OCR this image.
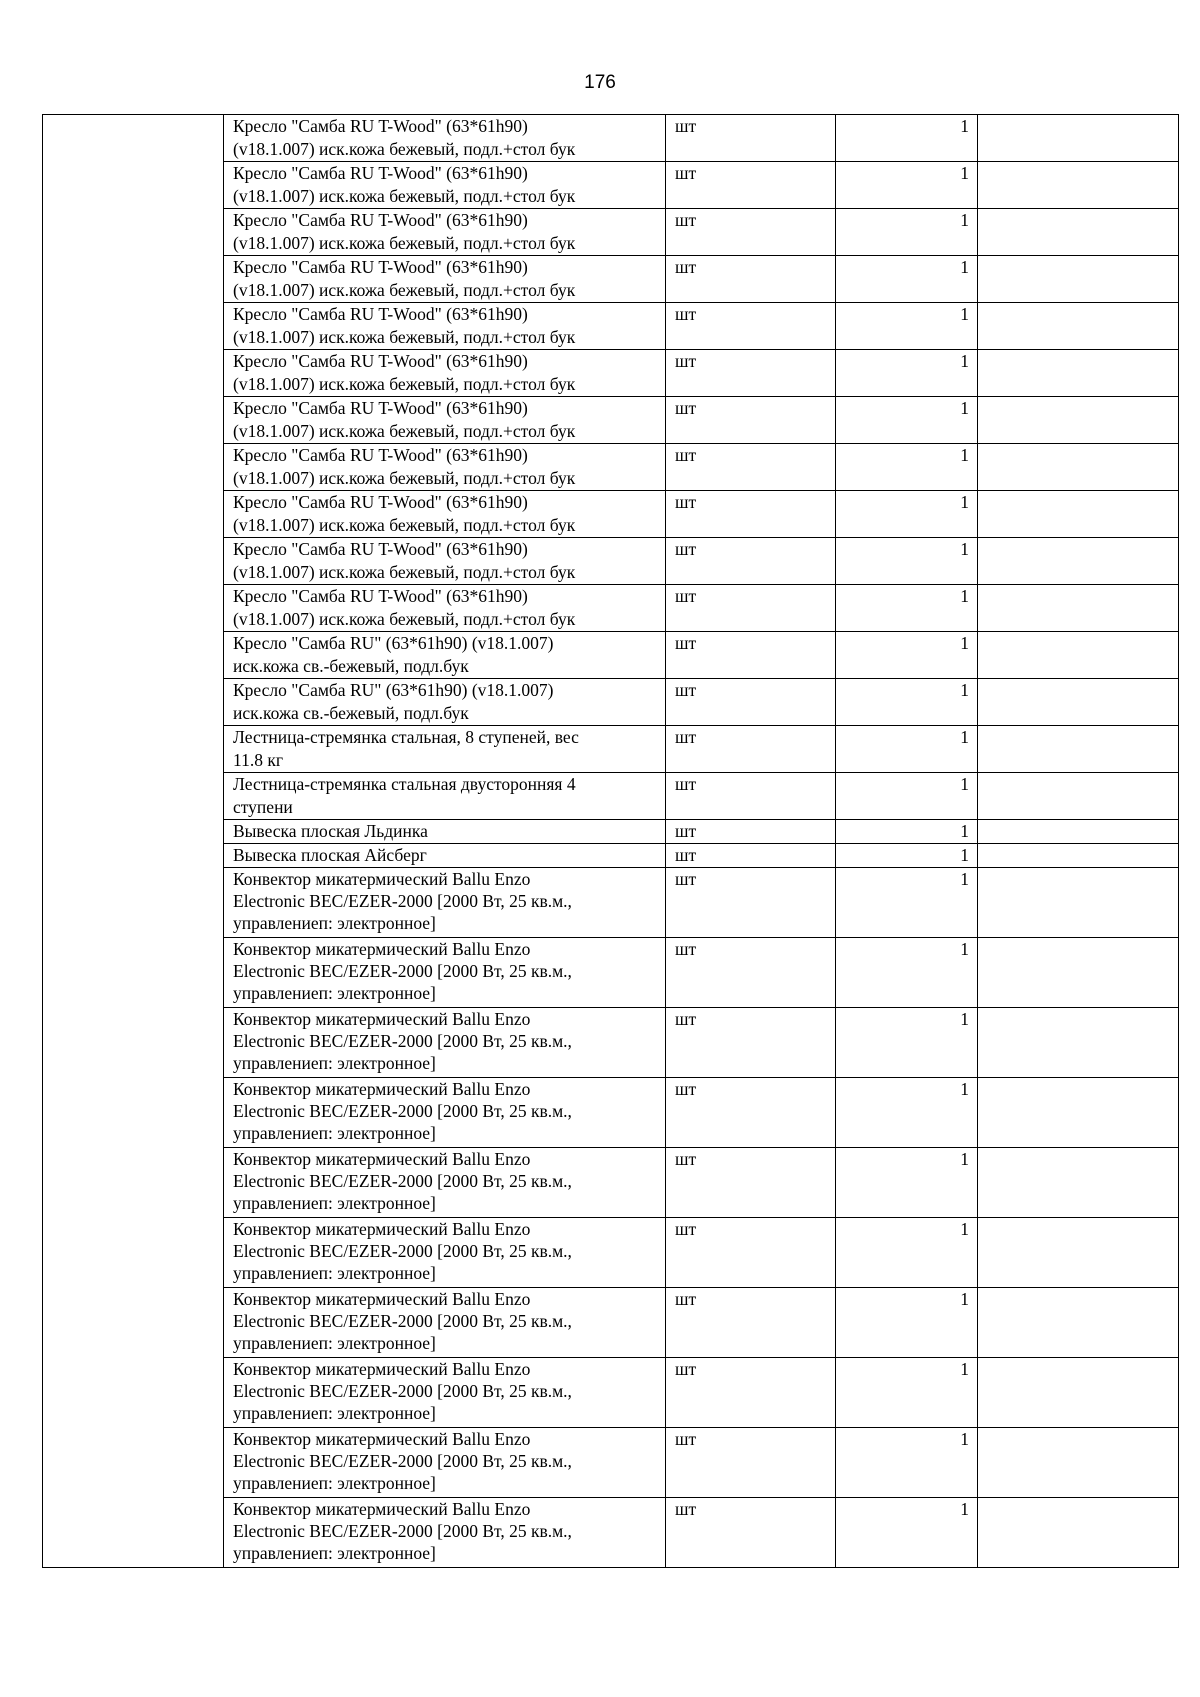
176
	Кресло "Самба RU T-Wood" (63*61h90)
(v18.1.007) иск.кожа бежевый, подл.+стол бук	шт	1	
	Кресло "Самба RU T-Wood" (63*61h90)
(v18.1.007) иск.кожа бежевый, подл.+стол бук	шт	1	
	Кресло "Самба RU T-Wood" (63*61h90)
(v18.1.007) иск.кожа бежевый, подл.+стол бук	шт	1	
	Кресло "Самба RU T-Wood" (63*61h90)
(v18.1.007) иск.кожа бежевый, подл.+стол бук	шт	1	
	Кресло "Самба RU T-Wood" (63*61h90)
(v18.1.007) иск.кожа бежевый, подл.+стол бук	шт	1	
	Кресло "Самба RU T-Wood" (63*61h90)
(v18.1.007) иск.кожа бежевый, подл.+стол бук	шт	1	
	Кресло "Самба RU T-Wood" (63*61h90)
(v18.1.007) иск.кожа бежевый, подл.+стол бук	шт	1	
	Кресло "Самба RU T-Wood" (63*61h90)
(v18.1.007) иск.кожа бежевый, подл.+стол бук	шт	1	
	Кресло "Самба RU T-Wood" (63*61h90)
(v18.1.007) иск.кожа бежевый, подл.+стол бук	шт	1	
	Кресло "Самба RU T-Wood" (63*61h90)
(v18.1.007) иск.кожа бежевый, подл.+стол бук	шт	1	
	Кресло "Самба RU T-Wood" (63*61h90)
(v18.1.007) иск.кожа бежевый, подл.+стол бук	шт	1	
	Кресло "Самба RU" (63*61h90) (v18.1.007)
иск.кожа св.-бежевый, подл.бук	шт	1	
	Кресло "Самба RU" (63*61h90) (v18.1.007)
иск.кожа св.-бежевый, подл.бук	шт	1	
	Лестница-стремянка стальная, 8 ступеней, вес
11.8 кг	шт	1	
	Лестница-стремянка стальная двусторонняя 4
ступени	шт	1	
	Вывеска плоская Льдинка	шт	1	
	Вывеска плоская Айсберг	шт	1	
	Конвектор микатермический Ballu Enzo
Electronic BEC/EZER-2000 [2000 Вт, 25 кв.м.,
управлениеп: электронное]	шт	1	
	Конвектор микатермический Ballu Enzo
Electronic BEC/EZER-2000 [2000 Вт, 25 кв.м.,
управлениеп: электронное]	шт	1	
	Конвектор микатермический Ballu Enzo
Electronic BEC/EZER-2000 [2000 Вт, 25 кв.м.,
управлениеп: электронное]	шт	1	
	Конвектор микатермический Ballu Enzo
Electronic BEC/EZER-2000 [2000 Вт, 25 кв.м.,
управлениеп: электронное]	шт	1	
	Конвектор микатермический Ballu Enzo
Electronic BEC/EZER-2000 [2000 Вт, 25 кв.м.,
управлениеп: электронное]	шт	1	
	Конвектор микатермический Ballu Enzo
Electronic BEC/EZER-2000 [2000 Вт, 25 кв.м.,
управлениеп: электронное]	шт	1	
	Конвектор микатермический Ballu Enzo
Electronic BEC/EZER-2000 [2000 Вт, 25 кв.м.,
управлениеп: электронное]	шт	1	
	Конвектор микатермический Ballu Enzo
Electronic BEC/EZER-2000 [2000 Вт, 25 кв.м.,
управлениеп: электронное]	шт	1	
	Конвектор микатермический Ballu Enzo
Electronic BEC/EZER-2000 [2000 Вт, 25 кв.м.,
управлениеп: электронное]	шт	1	
	Конвектор микатермический Ballu Enzo
Electronic BEC/EZER-2000 [2000 Вт, 25 кв.м.,
управлениеп: электронное]	шт	1	
